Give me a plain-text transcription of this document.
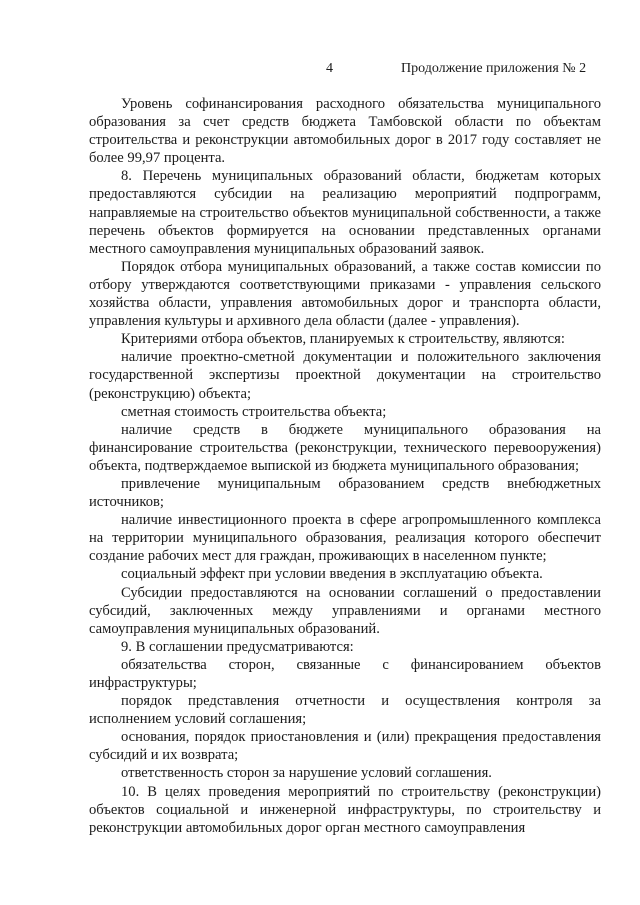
4	Продолжение приложения № 2

Уровень софинансирования расходного обязательства муниципального образования за счет средств бюджета Тамбовской области по объектам строительства и реконструкции автомобильных дорог в 2017 году составляет не более 99,97 процента.

8. Перечень муниципальных образований области, бюджетам которых предоставляются субсидии на реализацию мероприятий подпрограмм, направляемые на строительство объектов муниципальной собственности, а также перечень объектов формируется на основании представленных органами местного самоуправления муниципальных образований заявок.

Порядок отбора муниципальных образований, а также состав комиссии по отбору утверждаются соответствующими приказами - управления сельского хозяйства области, управления автомобильных дорог и транспорта области, управления культуры и архивного дела области (далее - управления).

Критериями отбора объектов, планируемых к строительству, являются:

наличие проектно-сметной документации и положительного заключения государственной экспертизы проектной документации на строительство (реконструкцию) объекта;

сметная стоимость строительства объекта;

наличие средств в бюджете муниципального образования на финансирование строительства (реконструкции, технического перевооружения) объекта, подтверждаемое выпиской из бюджета муниципального образования;

привлечение муниципальным образованием средств внебюджетных источников;

наличие инвестиционного проекта в сфере агропромышленного комплекса на территории муниципального образования, реализация которого обеспечит создание рабочих мест для граждан, проживающих в населенном пункте;

социальный эффект при условии введения в эксплуатацию объекта.

Субсидии предоставляются на основании соглашений о предоставлении субсидий, заключенных между управлениями и органами местного самоуправления муниципальных образований.

9. В соглашении предусматриваются:

обязательства сторон, связанные с финансированием объектов инфраструктуры;

порядок представления отчетности и осуществления контроля за исполнением условий соглашения;

основания, порядок приостановления и (или) прекращения предоставления субсидий и их возврата;

ответственность сторон за нарушение условий соглашения.

10. В целях проведения мероприятий по строительству (реконструкции) объектов социальной и инженерной инфраструктуры, по строительству и реконструкции автомобильных дорог орган местного самоуправления
